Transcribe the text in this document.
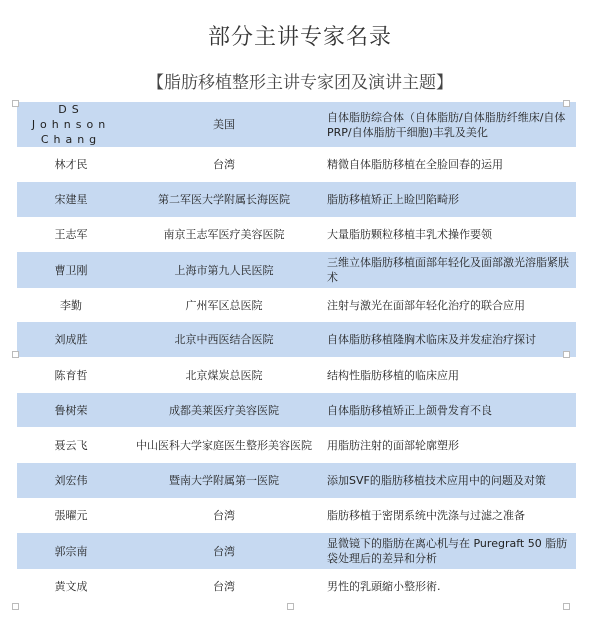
部分主讲专家名录
【脂肪移植整形主讲专家团及演讲主题】
DS Johnson Chang	美国	自体脂肪综合体（自体脂肪/自体脂肪纤维床/自体PRP/自体脂肪干细胞)丰乳及美化
林才民	台湾	精微自体脂肪移植在全脸回春的运用
宋建星	第二军医大学附属长海医院	脂肪移植矫正上睑凹陷畸形
王志军	南京王志军医疗美容医院	大量脂肪颗粒移植丰乳术操作要领
曹卫刚	上海市第九人民医院	三维立体脂肪移植面部年轻化及面部激光溶脂紧肤术
李勤	广州军区总医院	注射与激光在面部年轻化治疗的联合应用
刘成胜	北京中西医结合医院	自体脂肪移植隆胸术临床及并发症治疗探讨
陈育哲	北京煤炭总医院	结构性脂肪移植的临床应用
鲁树荣	成都美莱医疗美容医院	自体脂肪移植矫正上颌骨发育不良
聂云飞	中山医科大学家庭医生整形美容医院	用脂肪注射的面部轮廓塑形
刘宏伟	暨南大学附属第一医院	添加SVF的脂肪移植技术应用中的问题及对策
張曜元	台湾	脂肪移植于密閉系统中洗涤与过滤之准备
郭宗南	台湾	显微镜下的脂肪在离心机与在 Puregraft 50 脂肪袋处理后的差异和分析
黄文成	台湾	男性的乳頭縮小整形術.
